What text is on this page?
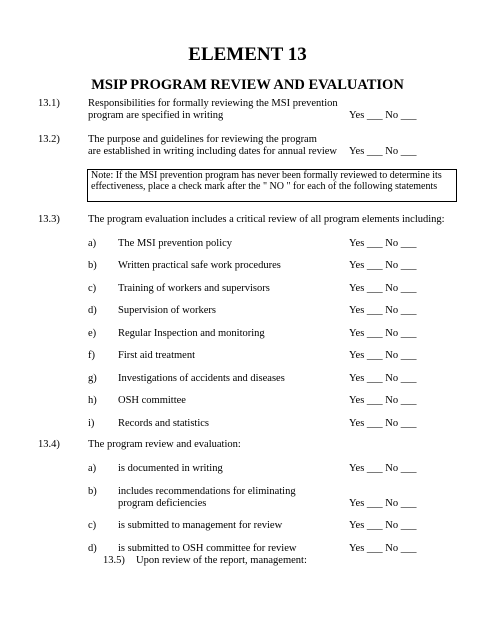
ELEMENT 13
MSIP PROGRAM REVIEW AND EVALUATION
13.1)	Responsibilities for formally reviewing the MSI prevention
program are specified in writing	Yes ___ No ___
13.2)	The purpose and guidelines for reviewing the program
are established in writing including dates for annual review Yes ___ No ___
Note: If the MSI prevention program has never been formally reviewed to determine its effectiveness, place a check mark after the " NO " for each of the following statements
13.3)	The program evaluation includes a critical review of all program elements including:
a) The MSI prevention policy	Yes ___ No ___
b) Written practical safe work procedures	Yes ___ No ___
c) Training of workers and supervisors	Yes ___ No ___
d) Supervision of workers	Yes ___ No ___
e) Regular Inspection and monitoring	Yes ___ No ___
f) First aid treatment	Yes ___ No ___
g) Investigations of accidents and diseases	Yes ___ No ___
h) OSH committee	Yes ___ No ___
i) Records and statistics	Yes ___ No ___
13.4)	The program review and evaluation:
a) is documented in writing	Yes ___ No ___
b) includes recommendations for eliminating
program deficiencies	Yes ___ No ___
c) is submitted to management for review	Yes ___ No ___
d) is submitted to OSH committee for review	Yes ___ No ___
13.5) Upon review of the report, management:
